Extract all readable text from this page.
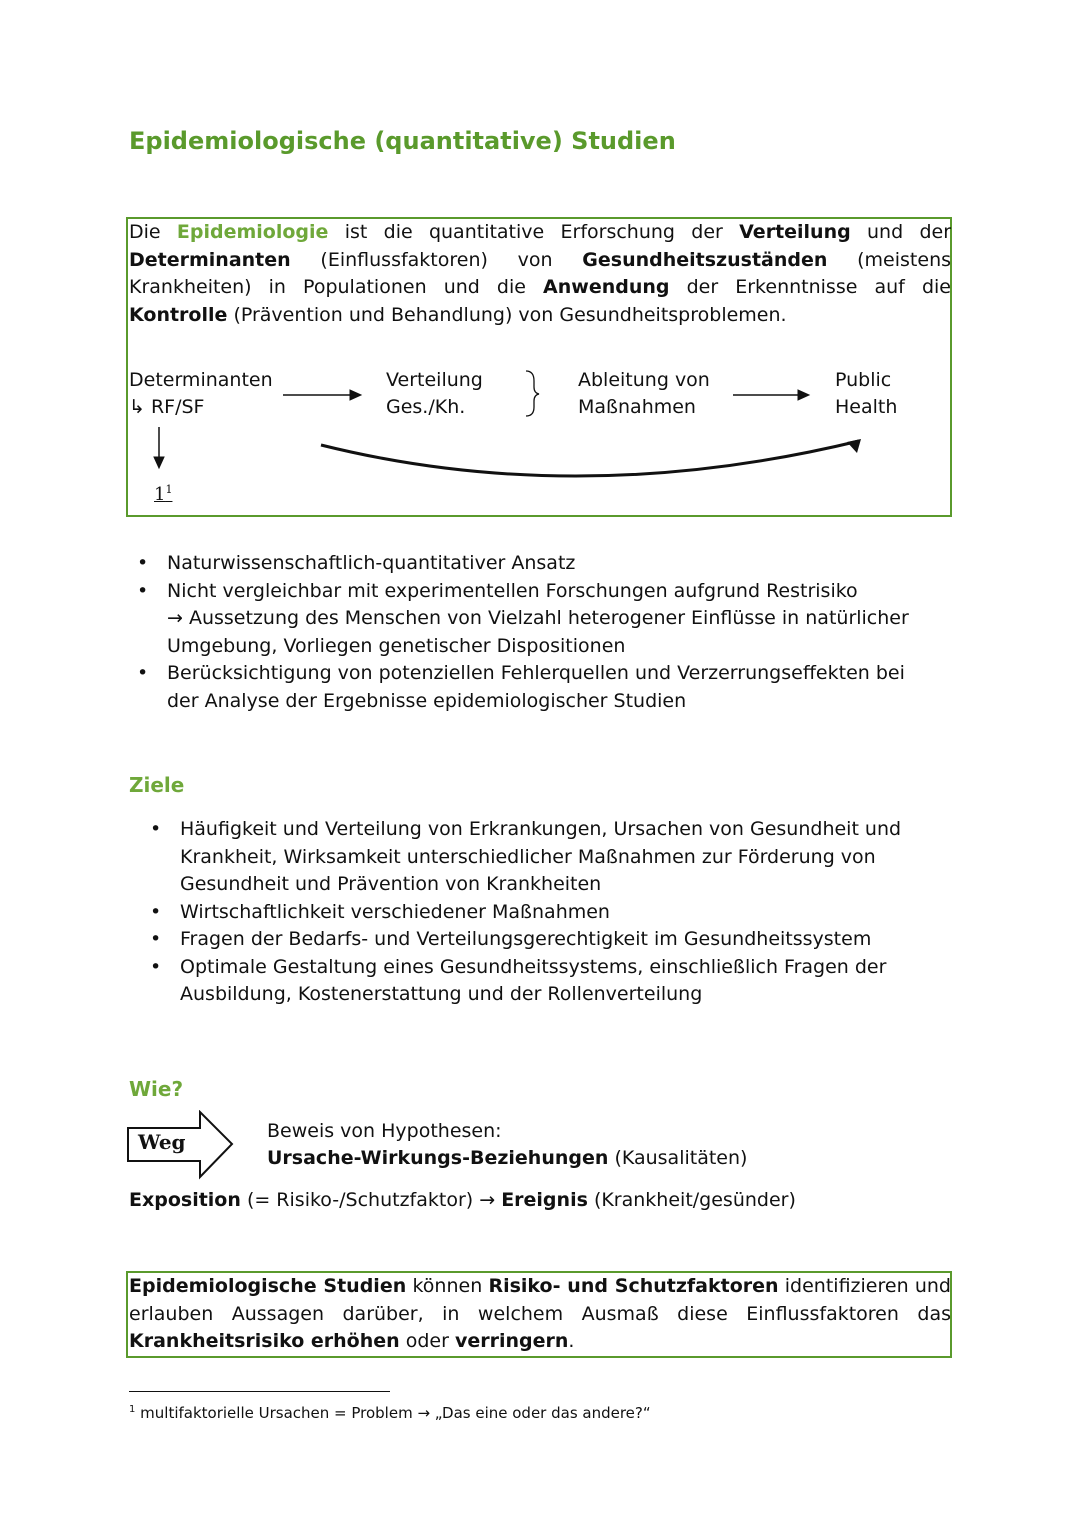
Epidemiologische (quantitative) Studien

Die Epidemiologie ist die quantitative Erforschung der Verteilung und der Determinanten (Einflussfaktoren) von Gesundheitszuständen (meistens Krankheiten) in Populationen und die Anwendung der Erkenntnisse auf die Kontrolle (Prävention und Behandlung) von Gesundheitsproblemen.

Determinanten
↳ RF/SF
Verteilung
Ges./Kh.
Ableitung von
Maßnahmen
Public
Health
$1^1$
• Naturwissenschaftlich-quantitativer Ansatz
• Nicht vergleichbar mit experimentellen Forschungen aufgrund Restrisiko
→ Aussetzung des Menschen von Vielzahl heterogener Einflüsse in natürlicher Umgebung, Vorliegen genetischer Dispositionen
• Berücksichtigung von potenziellen Fehlerquellen und Verzerrungseffekten bei der Analyse der Ergebnisse epidemiologischer Studien
Ziele
• Häufigkeit und Verteilung von Erkrankungen, Ursachen von Gesundheit und Krankheit, Wirksamkeit unterschiedlicher Maßnahmen zur Förderung von Gesundheit und Prävention von Krankheiten
• Wirtschaftlichkeit verschiedener Maßnahmen
• Fragen der Bedarfs- und Verteilungsgerechtigkeit im Gesundheitssystem
• Optimale Gestaltung eines Gesundheitssystems, einschließlich Fragen der Ausbildung, Kostenerstattung und der Rollenverteilung
Wie?
Weg	Beweis von Hypothesen:
Ursache-Wirkungs-Beziehungen (Kausalitäten)
Exposition (= Risiko-/Schutzfaktor) → Ereignis (Krankheit/gesünder)

Epidemiologische Studien können Risiko- und Schutzfaktoren identifizieren und erlauben Aussagen darüber, in welchem Ausmaß diese Einflussfaktoren das Krankheitsrisiko erhöhen oder verringern.

$^1$ multifaktorielle Ursachen = Problem → „Das eine oder das andere?“
